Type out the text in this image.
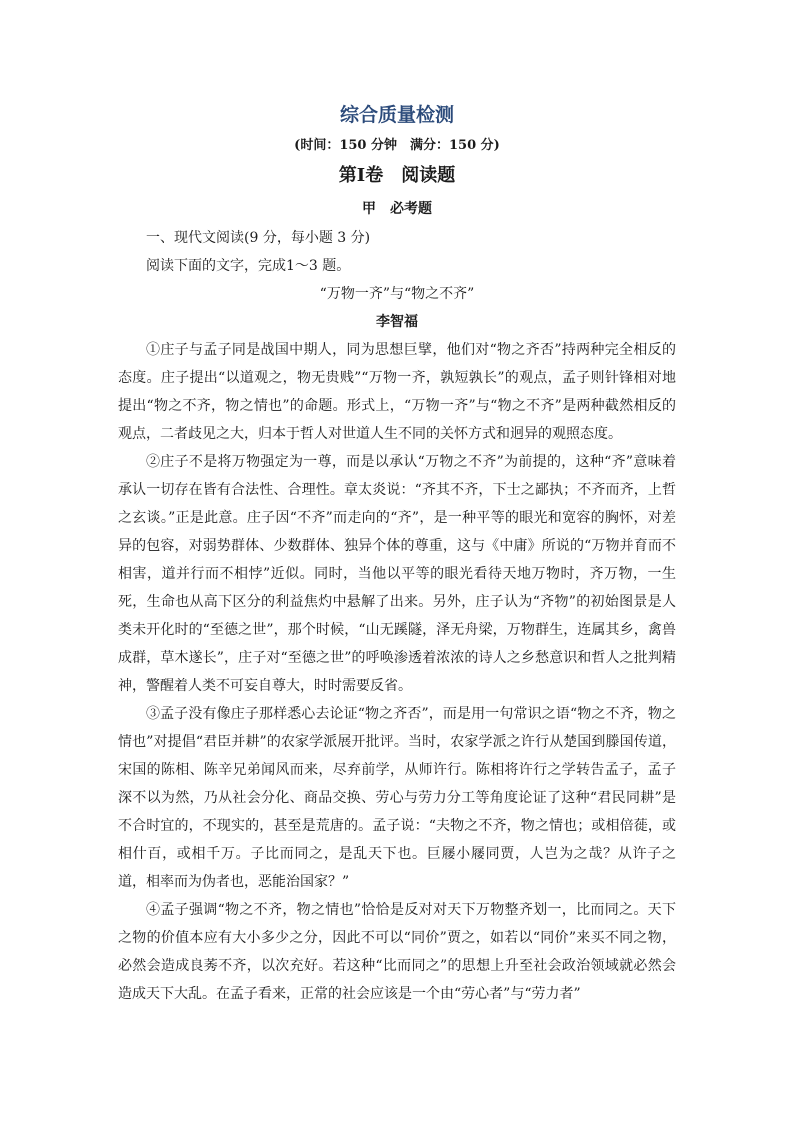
综合质量检测
(时间：150 分钟　满分：150 分)
第Ⅰ卷　阅读题
甲　必考题

一、现代文阅读(9 分，每小题 3 分)

阅读下面的文字，完成1～3 题。

“万物一齐”与“物之不齐”

李智福

①庄子与孟子同是战国中期人，同为思想巨擘，他们对“物之齐否”持两种完全相反的态度。庄子提出“以道观之，物无贵贱”“万物一齐，孰短孰长”的观点，孟子则针锋相对地提出“物之不齐，物之情也”的命题。形式上，“万物一齐”与“物之不齐”是两种截然相反的观点，二者歧见之大，归本于哲人对世道人生不同的关怀方式和迥异的观照态度。

②庄子不是将万物强定为一尊，而是以承认“万物之不齐”为前提的，这种“齐”意味着承认一切存在皆有合法性、合理性。章太炎说：“齐其不齐，下士之鄙执；不齐而齐，上哲之玄谈。”正是此意。庄子因“不齐”而走向的“齐”，是一种平等的眼光和宽容的胸怀，对差异的包容，对弱势群体、少数群体、独异个体的尊重，这与《中庸》所说的“万物并育而不相害，道并行而不相悖”近似。同时，当他以平等的眼光看待天地万物时，齐万物，一生死，生命也从高下区分的利益焦灼中悬解了出来。另外，庄子认为“齐物”的初始图景是人类未开化时的“至德之世”，那个时候，“山无蹊隧，泽无舟梁，万物群生，连属其乡，禽兽成群，草木遂长”，庄子对“至德之世”的呼唤渗透着浓浓的诗人之乡愁意识和哲人之批判精神，警醒着人类不可妄自尊大，时时需要反省。

③孟子没有像庄子那样悉心去论证“物之齐否”，而是用一句常识之语“物之不齐，物之情也”对提倡“君臣并耕”的农家学派展开批评。当时，农家学派之许行从楚国到滕国传道，宋国的陈相、陈辛兄弟闻风而来，尽弃前学，从师许行。陈相将许行之学转告孟子，孟子深不以为然，乃从社会分化、商品交换、劳心与劳力分工等角度论证了这种“君民同耕”是不合时宜的，不现实的，甚至是荒唐的。孟子说：“夫物之不齐，物之情也；或相倍蓰，或相什百，或相千万。子比而同之，是乱天下也。巨屦小屦同贾，人岂为之哉？从许子之道，相率而为伪者也，恶能治国家？”

④孟子强调“物之不齐，物之情也”恰恰是反对对天下万物整齐划一，比而同之。天下之物的价值本应有大小多少之分，因此不可以“同价”贾之，如若以“同价”来买不同之物，必然会造成良莠不齐，以次充好。若这种“比而同之”的思想上升至社会政治领域就必然会造成天下大乱。在孟子看来，正常的社会应该是一个由“劳心者”与“劳力者”
